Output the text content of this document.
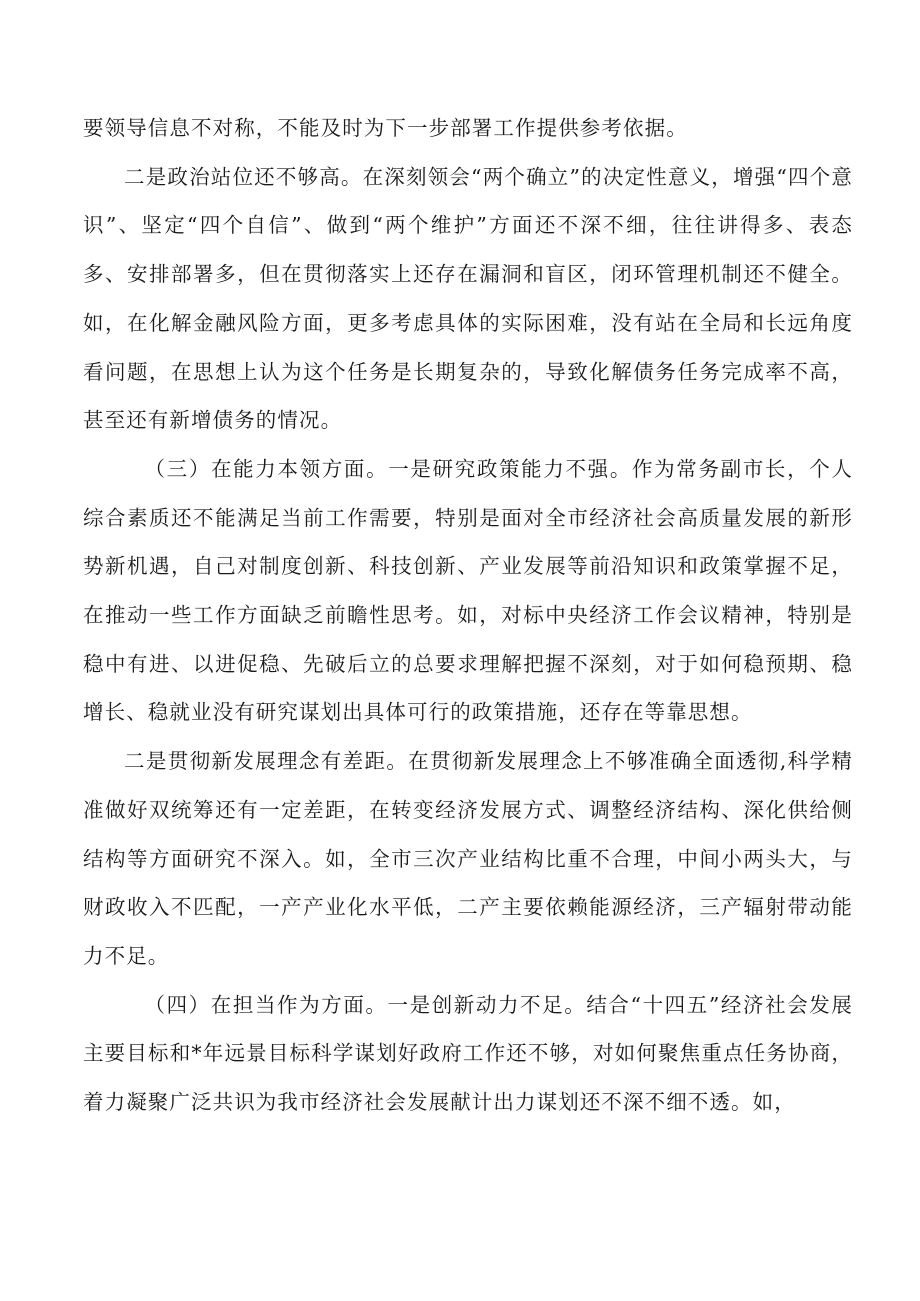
要领导信息不对称，不能及时为下一步部署工作提供参考依据。

二是政治站位还不够高。在深刻领会“两个确立”的决定性意义，增强“四个意识”、坚定“四个自信”、做到“两个维护”方面还不深不细，往往讲得多、表态多、安排部署多，但在贯彻落实上还存在漏洞和盲区，闭环管理机制还不健全。如，在化解金融风险方面，更多考虑具体的实际困难，没有站在全局和长远角度看问题，在思想上认为这个任务是长期复杂的，导致化解债务任务完成率不高，甚至还有新增债务的情况。

（三）在能力本领方面。一是研究政策能力不强。作为常务副市长，个人综合素质还不能满足当前工作需要，特别是面对全市经济社会高质量发展的新形势新机遇，自己对制度创新、科技创新、产业发展等前沿知识和政策掌握不足，在推动一些工作方面缺乏前瞻性思考。如，对标中央经济工作会议精神，特别是稳中有进、以进促稳、先破后立的总要求理解把握不深刻，对于如何稳预期、稳增长、稳就业没有研究谋划出具体可行的政策措施，还存在等靠思想。

二是贯彻新发展理念有差距。在贯彻新发展理念上不够准确全面透彻,科学精准做好双统筹还有一定差距，在转变经济发展方式、调整经济结构、深化供给侧结构等方面研究不深入。如，全市三次产业结构比重不合理，中间小两头大，与财政收入不匹配，一产产业化水平低，二产主要依赖能源经济，三产辐射带动能力不足。

（四）在担当作为方面。一是创新动力不足。结合“十四五”经济社会发展主要目标和*年远景目标科学谋划好政府工作还不够，对如何聚焦重点任务协商，着力凝聚广泛共识为我市经济社会发展献计出力谋划还不深不细不透。如，
